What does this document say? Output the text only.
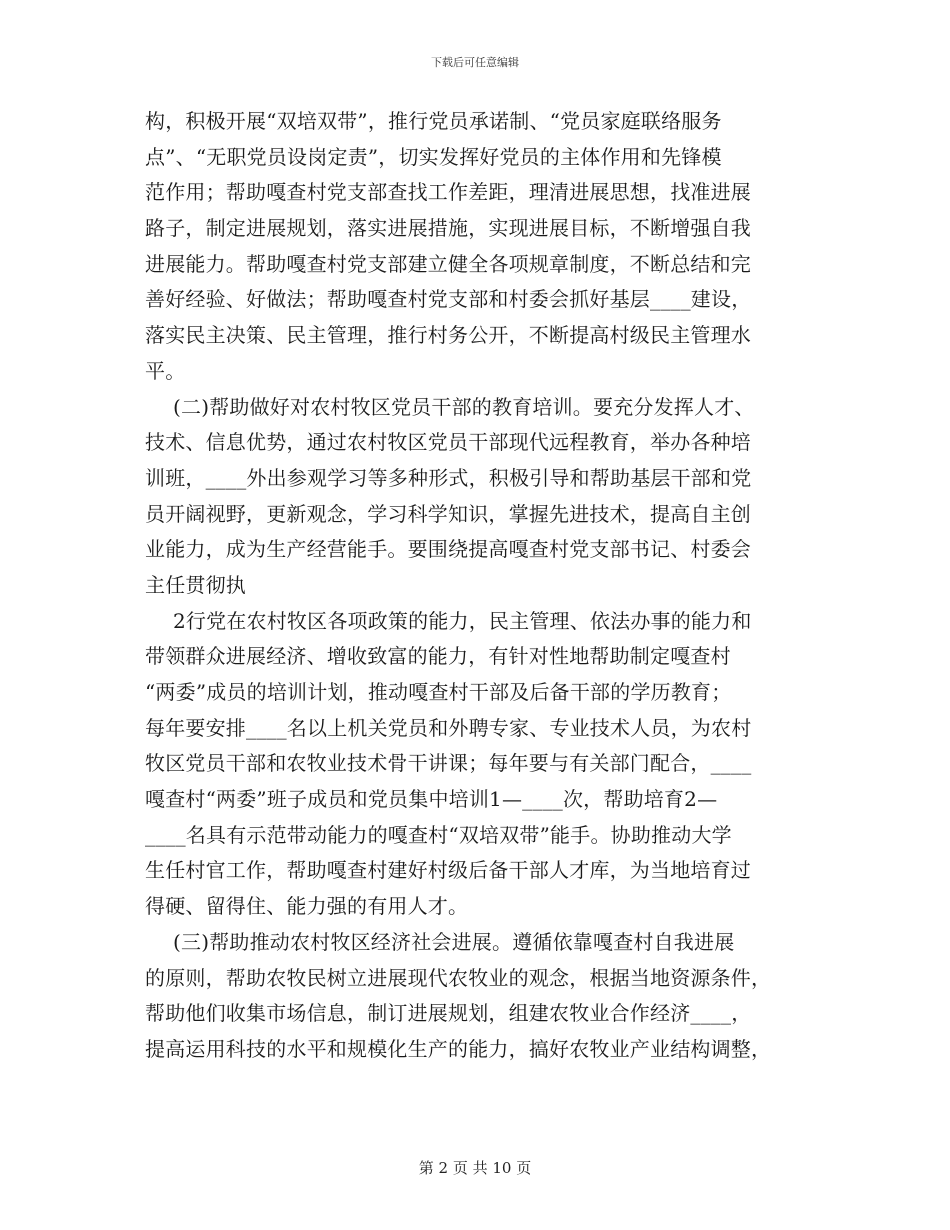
下载后可任意编辑
构，积极开展“双培双带”，推行党员承诺制、“党员家庭联络服务
点”、“无职党员设岗定责”，切实发挥好党员的主体作用和先锋模
范作用；帮助嘎查村党支部查找工作差距，理清进展思想，找准进展
路子，制定进展规划，落实进展措施，实现进展目标，不断增强自我
进展能力。帮助嘎查村党支部建立健全各项规章制度，不断总结和完
善好经验、好做法；帮助嘎查村党支部和村委会抓好基层____建设，
落实民主决策、民主管理，推行村务公开，不断提高村级民主管理水
平。
(二)帮助做好对农村牧区党员干部的教育培训。要充分发挥人才、
技术、信息优势，通过农村牧区党员干部现代远程教育，举办各种培
训班，____外出参观学习等多种形式，积极引导和帮助基层干部和党
员开阔视野，更新观念，学习科学知识，掌握先进技术，提高自主创
业能力，成为生产经营能手。要围绕提高嘎查村党支部书记、村委会
主任贯彻执
2行党在农村牧区各项政策的能力，民主管理、依法办事的能力和
带领群众进展经济、增收致富的能力，有针对性地帮助制定嘎查村
“两委”成员的培训计划，推动嘎查村干部及后备干部的学历教育；
每年要安排____名以上机关党员和外聘专家、专业技术人员，为农村
牧区党员干部和农牧业技术骨干讲课；每年要与有关部门配合，____
嘎查村“两委”班子成员和党员集中培训1—____次，帮助培育2—
____名具有示范带动能力的嘎查村“双培双带”能手。协助推动大学
生任村官工作，帮助嘎查村建好村级后备干部人才库，为当地培育过
得硬、留得住、能力强的有用人才。
(三)帮助推动农村牧区经济社会进展。遵循依靠嘎查村自我进展
的原则，帮助农牧民树立进展现代农牧业的观念，根据当地资源条件，
帮助他们收集市场信息，制订进展规划，组建农牧业合作经济____，
提高运用科技的水平和规模化生产的能力，搞好农牧业产业结构调整，
第 2 页 共 10 页
